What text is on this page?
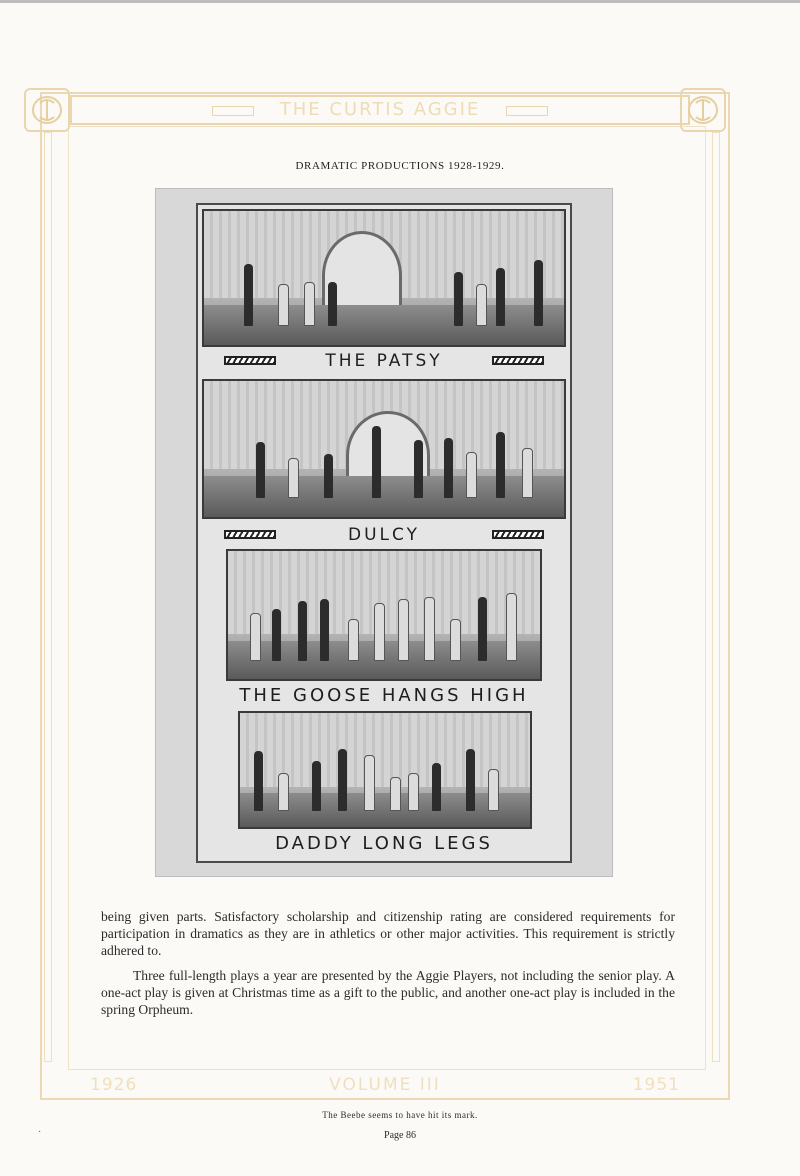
THE CURTIS AGGIE
DRAMATIC PRODUCTIONS 1928-1929.
THE PATSY
DULCY
THE GOOSE HANGS HIGH
DADDY LONG LEGS

being given parts. Satisfactory scholarship and citizenship rating are considered requirements for participation in dramatics as they are in athletics or other major activities. This requirement is strictly adhered to.

Three full-length plays a year are presented by the Aggie Players, not including the senior play. A one-act play is given at Christmas time as a gift to the public, and another one-act play is included in the spring Orpheum.

1926	VOLUME III	1951
The Beebe seems to have hit its mark.
Page 86
·
